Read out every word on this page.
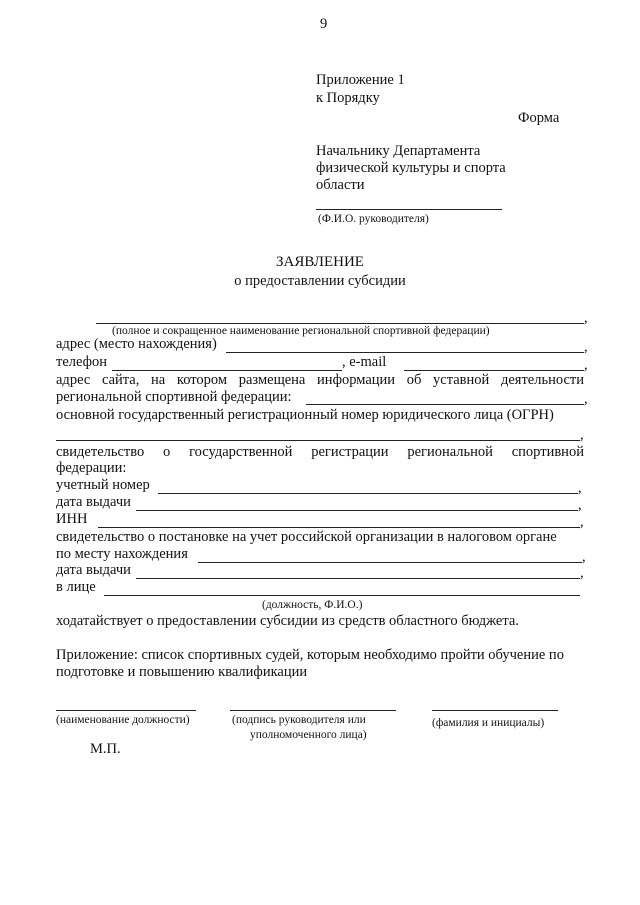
9
Приложение 1
к Порядку
Форма
Начальнику Департамента
физической культуры и спорта
области
(Ф.И.О. руководителя)
ЗАЯВЛЕНИЕ
о предоставлении субсидии
,
(полное и сокращенное наименование региональной спортивной федерации)
адрес (место нахождения)	,
телефон	, e-mail	,
адрес сайта, на котором размещена информации об уставной деятельности
региональной спортивной федерации:	,
основной государственный регистрационный номер юридического лица (ОГРН)
,
свидетельство о государственной регистрации региональной спортивной
федерации:
учетный номер	,
дата выдачи	,
ИНН	,
свидетельство о постановке на учет российской организации в налоговом органе
по месту нахождения	,
дата выдачи	,
в лице
(должность, Ф.И.О.)
ходатайствует о предоставлении субсидии из средств областного бюджета.
Приложение: список спортивных судей, которым необходимо пройти обучение по
подготовке и повышению квалификации
(наименование должности)	(подпись руководителя или
уполномоченного лица)
(фамилия и инициалы)
М.П.
